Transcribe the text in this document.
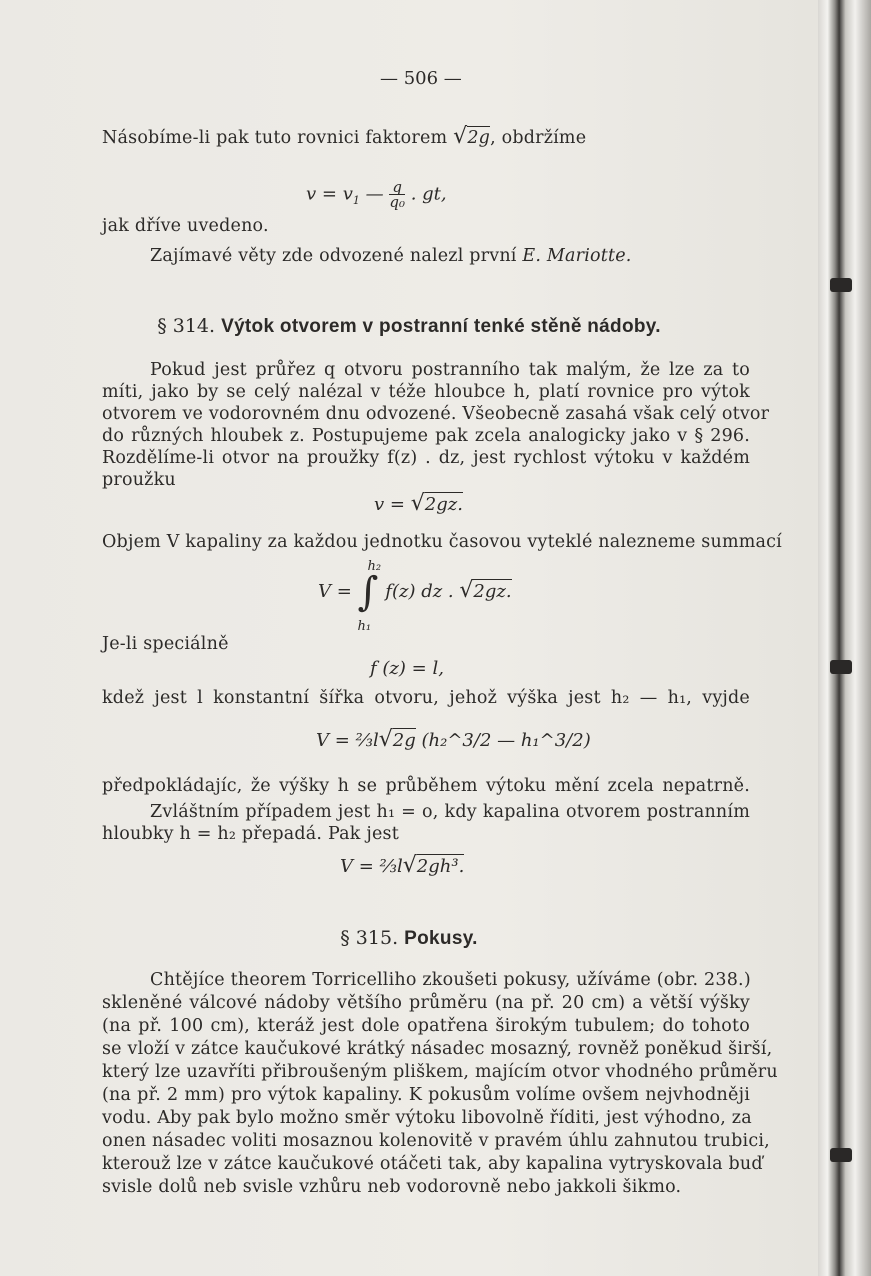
— 506 —
Násobíme-li pak tuto rovnici faktorem √2g, obdržíme
$v = v_1$ — $\frac{q}{\text{q₀}}$ . gt,
jak dříve uvedeno.
Zajímavé věty zde odvozené nalezl první E. Mariotte.
§ 314. Výtok otvorem v postranní tenké stěně nádoby.
Pokud jest průřez q otvoru postranního tak malým, že lze za to
míti, jako by se celý nalézal v téže hloubce h, platí rovnice pro výtok
otvorem ve vodorovném dnu odvozené. Všeobecně zasahá však celý otvor
do různých hloubek z. Postupujeme pak zcela analogicky jako v § 296.
Rozdělíme-li otvor na proužky f(z) . dz, jest rychlost výtoku v každém
proužku
v = √2gz.
Objem V kapaliny za každou jednotku časovou vyteklé nalezneme summací
V = ∫
h₂
h₁
f(z) dz . √2gz.
Je-li speciálně
f (z) = l,
kdež jest l konstantní šířka otvoru, jehož výška jest h₂ — h₁, vyjde
V = ⅔l√2g (h₂^3/2 — h₁^3/2)
předpokládajíc, že výšky h se průběhem výtoku mění zcela nepatrně.
Zvláštním případem jest h₁ = o, kdy kapalina otvorem postranním
hloubky h = h₂ přepadá. Pak jest
V = ⅔l√2gh³.
§ 315. Pokusy.
Chtějíce theorem Torricelliho zkoušeti pokusy, užíváme (obr. 238.)
skleněné válcové nádoby většího průměru (na př. 20 cm) a větší výšky
(na př. 100 cm), kteráž jest dole opatřena širokým tubulem; do tohoto
se vloží v zátce kaučukové krátký násadec mosazný, rovněž poněkud širší,
který lze uzavříti přibroušeným pliškem, majícím otvor vhodného průměru
(na př. 2 mm) pro výtok kapaliny. K pokusům volíme ovšem nejvhodněji
vodu. Aby pak bylo možno směr výtoku libovolně říditi, jest výhodno, za
onen násadec voliti mosaznou kolenovitě v pravém úhlu zahnutou trubici,
kterouž lze v zátce kaučukové otáčeti tak, aby kapalina vytryskovala buď
svisle dolů neb svisle vzhůru neb vodorovně nebo jakkoli šikmo.
